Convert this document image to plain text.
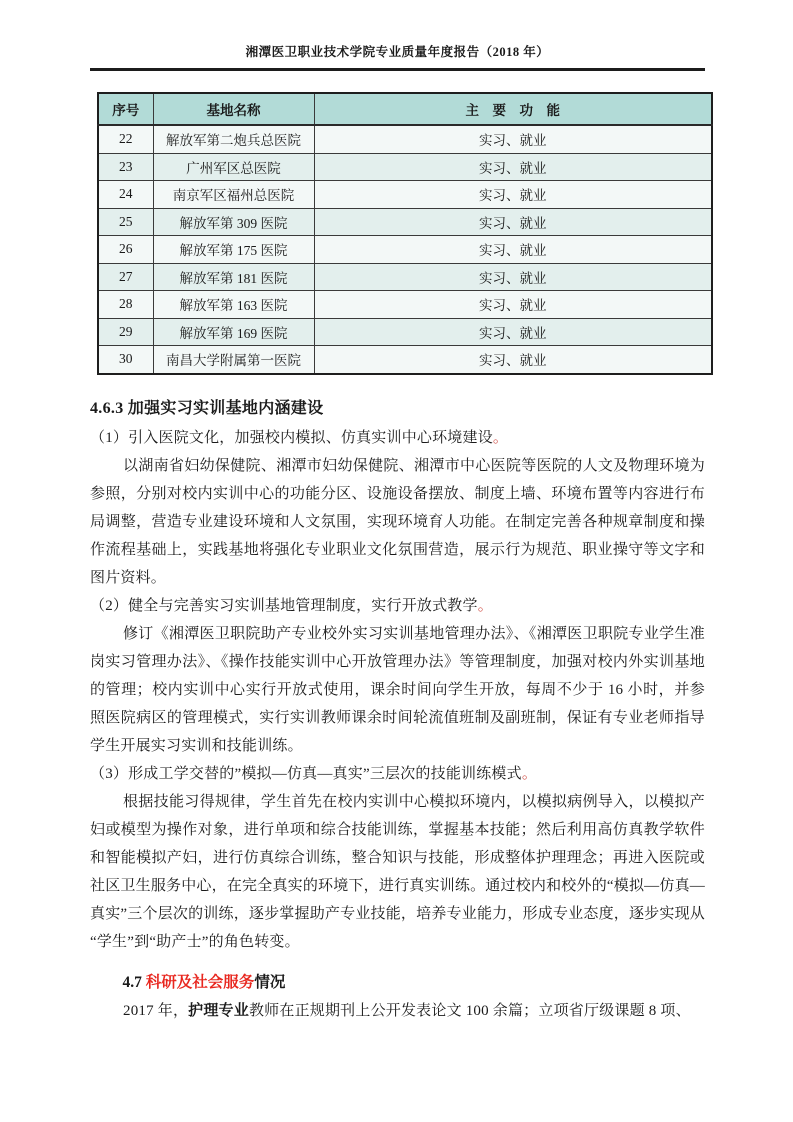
湘潭医卫职业技术学院专业质量年度报告（2018 年）
序号	基地名称	主　要　功　能
22	解放军第二炮兵总医院	实习、就业
23	广州军区总医院	实习、就业
24	南京军区福州总医院	实习、就业
25	解放军第 309 医院	实习、就业
26	解放军第 175 医院	实习、就业
27	解放军第 181 医院	实习、就业
28	解放军第 163 医院	实习、就业
29	解放军第 169 医院	实习、就业
30	南昌大学附属第一医院	实习、就业
4.6.3 加强实习实训基地内涵建设

（1）引入医院文化，加强校内模拟、仿真实训中心环境建设。

以湖南省妇幼保健院、湘潭市妇幼保健院、湘潭市中心医院等医院的人文及物理环境为参照，分别对校内实训中心的功能分区、设施设备摆放、制度上墙、环境布置等内容进行布局调整，营造专业建设环境和人文氛围，实现环境育人功能。在制定完善各种规章制度和操作流程基础上，实践基地将强化专业职业文化氛围营造，展示行为规范、职业操守等文字和图片资料。

（2）健全与完善实习实训基地管理制度，实行开放式教学。

修订《湘潭医卫职院助产专业校外实习实训基地管理办法》、《湘潭医卫职院专业学生准岗实习管理办法》、《操作技能实训中心开放管理办法》等管理制度，加强对校内外实训基地的管理；校内实训中心实行开放式使用，课余时间向学生开放，每周不少于 16 小时，并参照医院病区的管理模式，实行实训教师课余时间轮流值班制及副班制，保证有专业老师指导学生开展实习实训和技能训练。

（3）形成工学交替的”模拟—仿真—真实”三层次的技能训练模式。

根据技能习得规律，学生首先在校内实训中心模拟环境内，以模拟病例导入，以模拟产妇或模型为操作对象，进行单项和综合技能训练，掌握基本技能；然后利用高仿真教学软件和智能模拟产妇，进行仿真综合训练，整合知识与技能，形成整体护理理念；再进入医院或社区卫生服务中心，在完全真实的环境下，进行真实训练。通过校内和校外的“模拟—仿真—真实”三个层次的训练，逐步掌握助产专业技能，培养专业能力，形成专业态度，逐步实现从“学生”到“助产士”的角色转变。

4.7 科研及社会服务情况

2017 年，护理专业教师在正规期刊上公开发表论文 100 余篇；立项省厅级课题 8 项、
